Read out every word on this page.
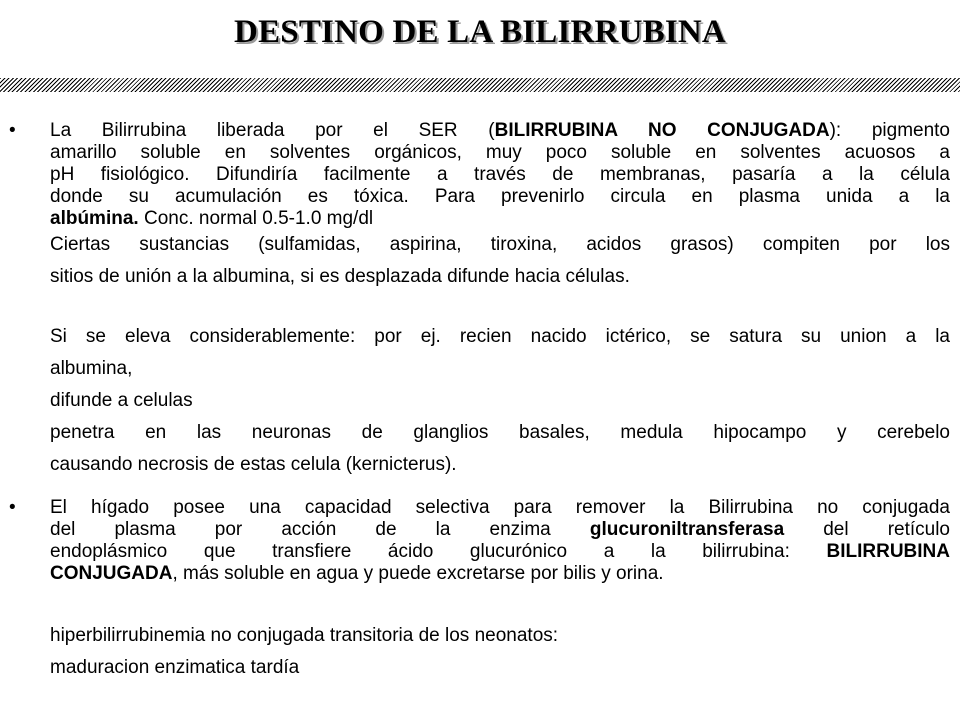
DESTINO DE LA BILIRRUBINA
• La Bilirrubina liberada por el SER (BILIRRUBINA NO CONJUGADA): pigmento
amarillo soluble en solventes orgánicos, muy poco soluble en solventes acuosos a
pH fisiológico. Difundiría facilmente a través de membranas, pasaría a la célula
donde su acumulación es tóxica. Para prevenirlo circula en plasma unida a la
albúmina. Conc. normal 0.5-1.0 mg/dl
Ciertas sustancias (sulfamidas, aspirina, tiroxina, acidos grasos) compiten por los
sitios de unión a la albumina, si es desplazada difunde hacia células.
Si se eleva considerablemente: por ej. recien nacido ictérico, se satura su union a la
albumina,
difunde a celulas
penetra en las neuronas de glanglios basales, medula hipocampo y cerebelo
causando necrosis de estas celula (kernicterus).
• El hígado posee una capacidad selectiva para remover la Bilirrubina no conjugada
del plasma por acción de la enzima glucuroniltransferasa del retículo
endoplásmico que transfiere ácido glucurónico a la bilirrubina: BILIRRUBINA
CONJUGADA, más soluble en agua y puede excretarse por bilis y orina.
hiperbilirrubinemia no conjugada transitoria de los neonatos:
maduracion enzimatica tardía
